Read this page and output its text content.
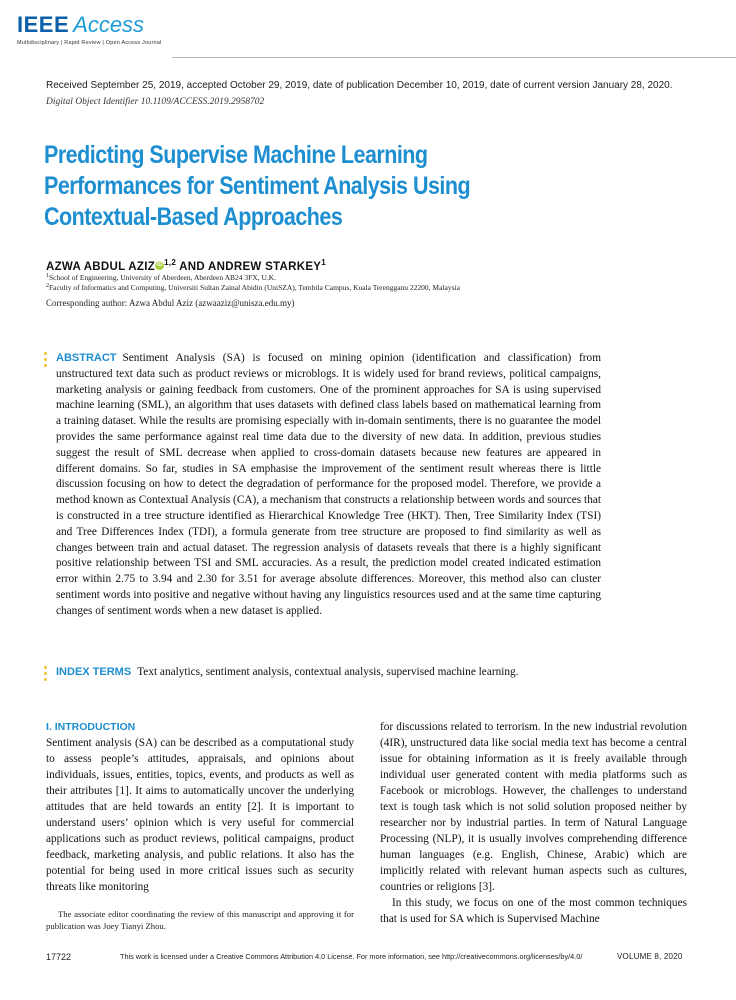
IEEE Access
Multidisciplinary | Rapid Review | Open Access Journal
Received September 25, 2019, accepted October 29, 2019, date of publication December 10, 2019, date of current version January 28, 2020.
Digital Object Identifier 10.1109/ACCESS.2019.2958702
Predicting Supervise Machine Learning
Performances for Sentiment Analysis Using
Contextual-Based Approaches
AZWA ABDUL AZIZiD$^{1,2}$ AND ANDREW STARKEY$^1$
$^1$School of Engineering, University of Aberdeen, Aberdeen AB24 3FX, U.K.
$^2$Faculty of Informatics and Computing, Universiti Sultan Zainal Abidin (UniSZA), Tembila Campus, Kuala Terengganu 22200, Malaysia
Corresponding author: Azwa Abdul Aziz (azwaaziz@unisza.edu.my)
ABSTRACT Sentiment Analysis (SA) is focused on mining opinion (identification and classification) from unstructured text data such as product reviews or microblogs. It is widely used for brand reviews, political campaigns, marketing analysis or gaining feedback from customers. One of the prominent approaches for SA is using supervised machine learning (SML), an algorithm that uses datasets with defined class labels based on mathematical learning from a training dataset. While the results are promising especially with in-domain sentiments, there is no guarantee the model provides the same performance against real time data due to the diversity of new data. In addition, previous studies suggest the result of SML decrease when applied to cross-domain datasets because new features are appeared in different domains. So far, studies in SA emphasise the improvement of the sentiment result whereas there is little discussion focusing on how to detect the degradation of performance for the proposed model. Therefore, we provide a method known as Contextual Analysis (CA), a mechanism that constructs a relationship between words and sources that is constructed in a tree structure identified as Hierarchical Knowledge Tree (HKT). Then, Tree Similarity Index (TSI) and Tree Differences Index (TDI), a formula generate from tree structure are proposed to find similarity as well as changes between train and actual dataset. The regression analysis of datasets reveals that there is a highly significant positive relationship between TSI and SML accuracies. As a result, the prediction model created indicated estimation error within 2.75 to 3.94 and 2.30 for 3.51 for average absolute differences. Moreover, this method also can cluster sentiment words into positive and negative without having any linguistics resources used and at the same time capturing changes of sentiment words when a new dataset is applied.
INDEX TERMS Text analytics, sentiment analysis, contextual analysis, supervised machine learning.
I. INTRODUCTION

Sentiment analysis (SA) can be described as a computational study to assess people’s attitudes, appraisals, and opinions about individuals, issues, entities, topics, events, and products as well as their attributes [1]. It aims to automatically uncover the underlying attitudes that are held towards an entity [2]. It is important to understand users’ opinion which is very useful for commercial applications such as product reviews, political campaigns, product feedback, marketing analysis, and public relations. It also has the potential for being used in more critical issues such as security threats like monitoring

for discussions related to terrorism. In the new industrial revolution (4IR), unstructured data like social media text has become a central issue for obtaining information as it is freely available through individual user generated content with media platforms such as Facebook or microblogs. However, the challenges to understand text is tough task which is not solid solution proposed neither by researcher nor by industrial parties. In term of Natural Language Processing (NLP), it is usually involves comprehending difference human languages (e.g. English, Chinese, Arabic) which are implicitly related with relevant human aspects such as cultures, countries or religions [3].

In this study, we focus on one of the most common techniques that is used for SA which is Supervised Machine

The associate editor coordinating the review of this manuscript and approving it for publication was Joey Tianyi Zhou.
17722	This work is licensed under a Creative Commons Attribution 4.0 License. For more information, see http://creativecommons.org/licenses/by/4.0/	VOLUME 8, 2020
